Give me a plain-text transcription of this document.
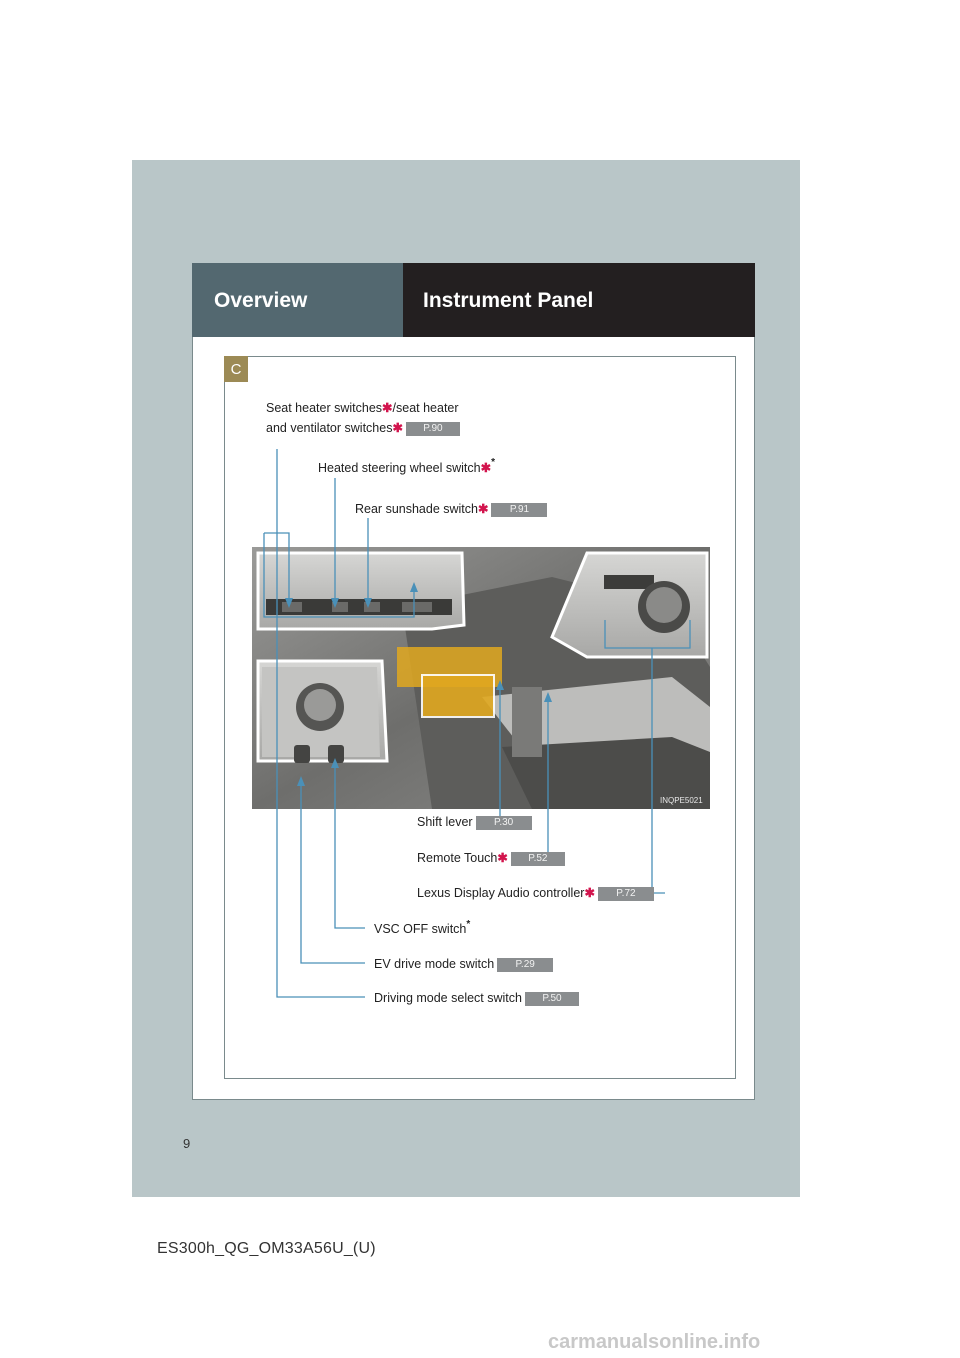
Overview	Instrument Panel
C
INQPE5021
Seat heater switches✱/seat heater
and ventilator switches✱ P.90
Heated steering wheel switch✱*
Rear sunshade switch✱ P.91
Shift lever P.30
Remote Touch✱ P.52
Lexus Display Audio controller✱ P.72
VSC OFF switch*
EV drive mode switch P.29
Driving mode select switch P.50
9
ES300h_QG_OM33A56U_(U)
carmanualsonline.info
